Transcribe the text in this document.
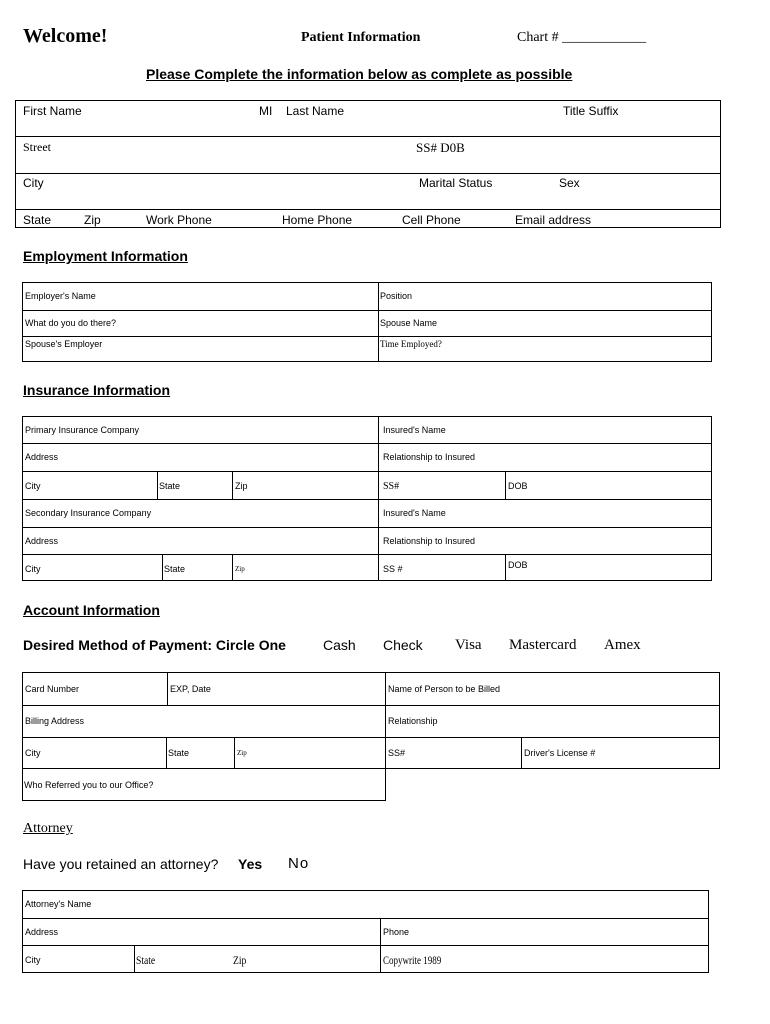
Welcome!	Patient Information	Chart # ____________
Please Complete the information below as complete as possible
First Name	MI Last Name	Title Suffix
Street	SS# D0B
City	Marital Status	Sex
State	Zip	Work Phone	Home Phone	Cell Phone	Email address
Employment Information
Employer's Name	Position
What do you do there?	Spouse Name
Spouse's Employer	Time Employed?
Insurance Information
Primary Insurance Company	Insured's Name
Address	Relationship to Insured
City	State	Zip	SS#	DOB
Secondary Insurance Company	Insured's Name
Address	Relationship to Insured
City	State	Zip	SS #	DOB
Account Information
Desired Method of Payment: Circle One	Cash Check Visa Mastercard Amex
Card Number	EXP, Date	Name of Person to be Billed
Billing Address	Relationship
City	State	Zip	SS#	Driver's License #
Who Referred you to our Office?
Attorney
Have you retained an attorney? Yes No
Attorney's Name
Address	Phone
City	State	Zip	Copywrite 1989
